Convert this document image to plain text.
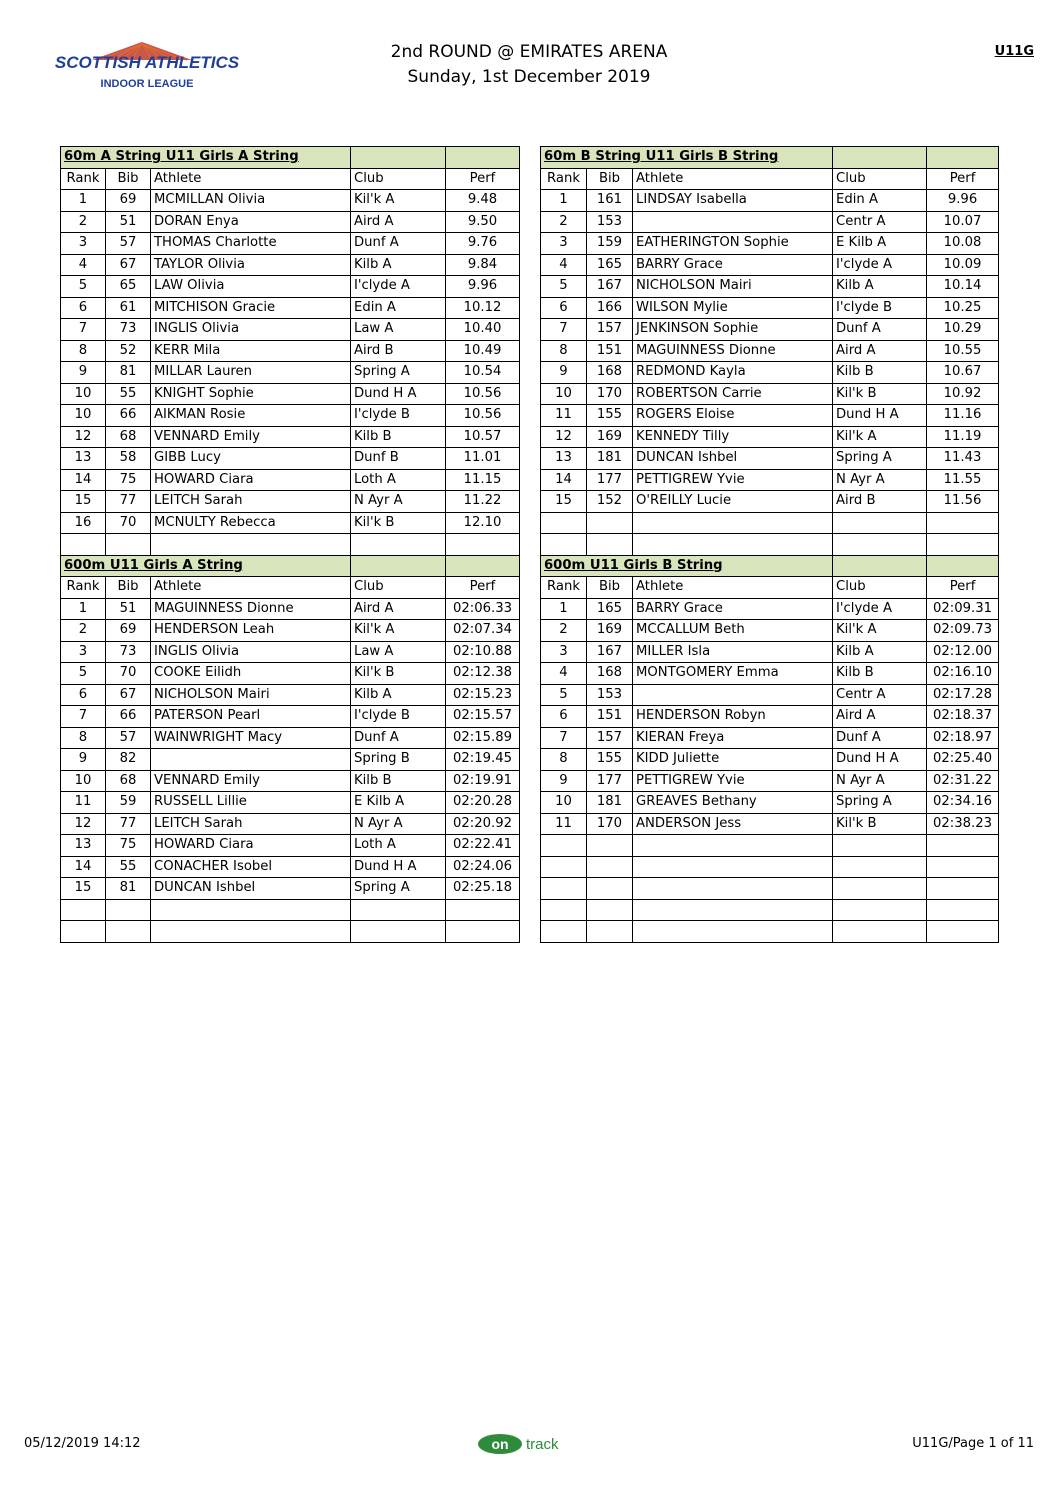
SCOTTISH ATHLETICS
INDOOR LEAGUE
2nd ROUND @ EMIRATES ARENA
Sunday, 1st December 2019
U11G
60m A String U11 Girls A String				
Rank	Bib	Athlete	Club	Perf
1	69	MCMILLAN Olivia	Kil'k A	9.48
2	51	DORAN Enya	Aird A	9.50
3	57	THOMAS Charlotte	Dunf A	9.76
4	67	TAYLOR Olivia	Kilb A	9.84
5	65	LAW Olivia	I'clyde A	9.96
6	61	MITCHISON Gracie	Edin A	10.12
7	73	INGLIS Olivia	Law A	10.40
8	52	KERR Mila	Aird B	10.49
9	81	MILLAR Lauren	Spring A	10.54
10	55	KNIGHT Sophie	Dund H A	10.56
10	66	AIKMAN Rosie	I'clyde B	10.56
12	68	VENNARD Emily	Kilb B	10.57
13	58	GIBB Lucy	Dunf B	11.01
14	75	HOWARD Ciara	Loth A	11.15
15	77	LEITCH Sarah	N Ayr A	11.22
16	70	MCNULTY Rebecca	Kil'k B	12.10

600m U11 Girls A String				
Rank	Bib	Athlete	Club	Perf
1	51	MAGUINNESS Dionne	Aird A	02:06.33
2	69	HENDERSON Leah	Kil'k A	02:07.34
3	73	INGLIS Olivia	Law A	02:10.88
5	70	COOKE Eilidh	Kil'k B	02:12.38
6	67	NICHOLSON Mairi	Kilb A	02:15.23
7	66	PATERSON Pearl	I'clyde B	02:15.57
8	57	WAINWRIGHT Macy	Dunf A	02:15.89
9	82		Spring B	02:19.45
10	68	VENNARD Emily	Kilb B	02:19.91
11	59	RUSSELL Lillie	E Kilb A	02:20.28
12	77	LEITCH Sarah	N Ayr A	02:20.92
13	75	HOWARD Ciara	Loth A	02:22.41
14	55	CONACHER Isobel	Dund H A	02:24.06
15	81	DUNCAN Ishbel	Spring A	02:25.18

60m B String U11 Girls B String				
Rank	Bib	Athlete	Club	Perf
1	161	LINDSAY Isabella	Edin A	9.96
2	153		Centr A	10.07
3	159	EATHERINGTON Sophie	E Kilb A	10.08
4	165	BARRY Grace	I'clyde A	10.09
5	167	NICHOLSON Mairi	Kilb A	10.14
6	166	WILSON Mylie	I'clyde B	10.25
7	157	JENKINSON Sophie	Dunf A	10.29
8	151	MAGUINNESS Dionne	Aird A	10.55
9	168	REDMOND Kayla	Kilb B	10.67
10	170	ROBERTSON Carrie	Kil'k B	10.92
11	155	ROGERS Eloise	Dund H A	11.16
12	169	KENNEDY Tilly	Kil'k A	11.19
13	181	DUNCAN Ishbel	Spring A	11.43
14	177	PETTIGREW Yvie	N Ayr A	11.55
15	152	O'REILLY Lucie	Aird B	11.56

600m U11 Girls B String				
Rank	Bib	Athlete	Club	Perf
1	165	BARRY Grace	I'clyde A	02:09.31
2	169	MCCALLUM Beth	Kil'k A	02:09.73
3	167	MILLER Isla	Kilb A	02:12.00
4	168	MONTGOMERY Emma	Kilb B	02:16.10
5	153		Centr A	02:17.28
6	151	HENDERSON Robyn	Aird A	02:18.37
7	157	KIERAN Freya	Dunf A	02:18.97
8	155	KIDD Juliette	Dund H A	02:25.40
9	177	PETTIGREW Yvie	N Ayr A	02:31.22
10	181	GREAVES Bethany	Spring A	02:34.16
11	170	ANDERSON Jess	Kil'k B	02:38.23

05/12/2019 14:12	on track	U11G/Page 1 of 11
